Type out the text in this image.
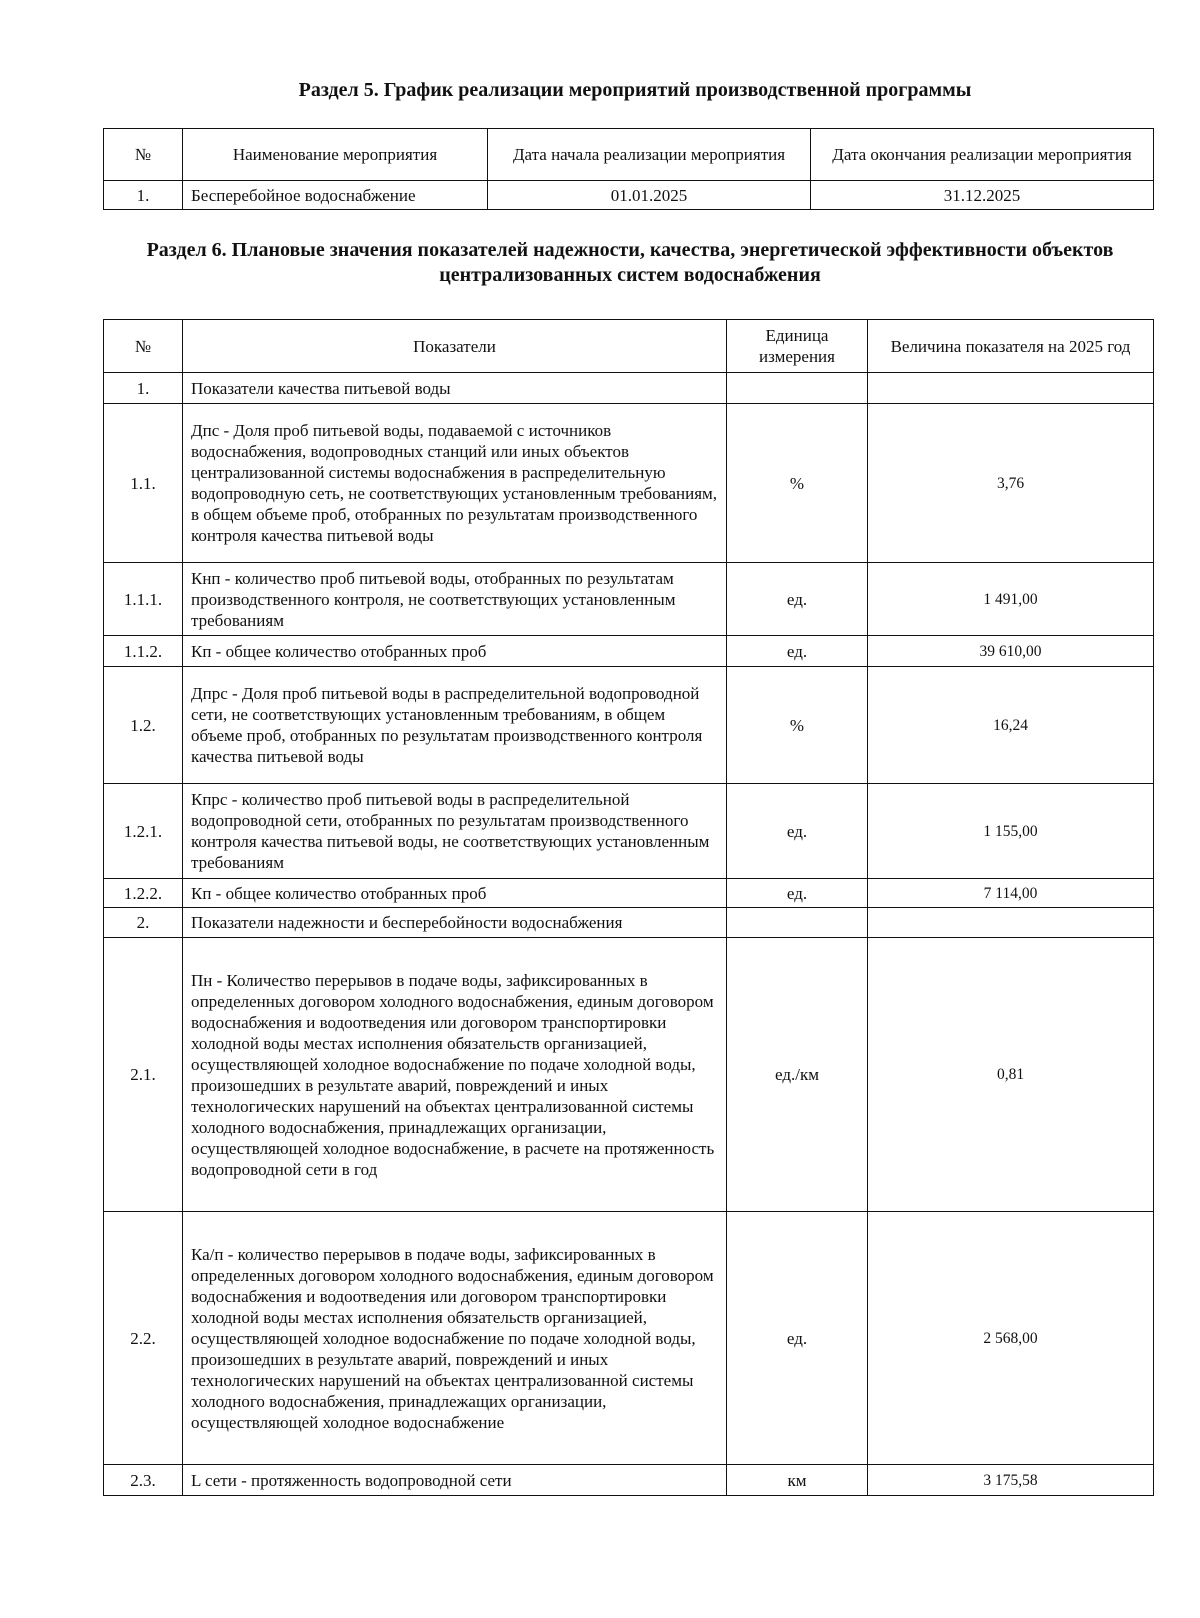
Раздел 5. График реализации мероприятий производственной программы
№	Наименование мероприятия	Дата начала реализации мероприятия	Дата окончания реализации мероприятия
1.	Бесперебойное водоснабжение	01.01.2025	31.12.2025
Раздел 6. Плановые значения показателей надежности, качества, энергетической эффективности объектов централизованных систем водоснабжения
№	Показатели	Единица измерения	Величина показателя на 2025 год
1.	Показатели качества питьевой воды		
1.1.	Дпс - Доля проб питьевой воды, подаваемой с источников водоснабжения, водопроводных станций или иных объектов централизованной системы водоснабжения в распределительную водопроводную сеть, не соответствующих установленным требованиям, в общем объеме проб, отобранных по результатам производственного контроля качества питьевой воды	%	3,76
1.1.1.	Кнп - количество проб питьевой воды, отобранных по результатам производственного контроля, не соответствующих установленным требованиям	ед.	1 491,00
1.1.2.	Кп - общее количество отобранных проб	ед.	39 610,00
1.2.	Дпрс - Доля проб питьевой воды в распределительной водопроводной сети, не соответствующих установленным требованиям, в общем объеме проб, отобранных по результатам производственного контроля качества питьевой воды	%	16,24
1.2.1.	Кпрс - количество проб питьевой воды в распределительной водопроводной сети, отобранных по результатам производственного контроля качества питьевой воды, не соответствующих установленным требованиям	ед.	1 155,00
1.2.2.	Кп - общее количество отобранных проб	ед.	7 114,00
2.	Показатели надежности и бесперебойности водоснабжения		
2.1.	Пн - Количество перерывов в подаче воды, зафиксированных в определенных договором холодного водоснабжения, единым договором водоснабжения и водоотведения или договором транспортировки холодной воды местах исполнения обязательств организацией, осуществляющей холодное водоснабжение по подаче холодной воды, произошедших в результате аварий, повреждений и иных технологических нарушений на объектах централизованной системы холодного водоснабжения, принадлежащих организации, осуществляющей холодное водоснабжение, в расчете на протяженность водопроводной сети в год	ед./км	0,81
2.2.	Ка/п - количество перерывов в подаче воды, зафиксированных в определенных договором холодного водоснабжения, единым договором водоснабжения и водоотведения или договором транспортировки холодной воды местах исполнения обязательств организацией, осуществляющей холодное водоснабжение по подаче холодной воды, произошедших в результате аварий, повреждений и иных технологических нарушений на объектах централизованной системы холодного водоснабжения, принадлежащих организации, осуществляющей холодное водоснабжение	ед.	2 568,00
2.3.	L сети - протяженность водопроводной сети	км	3 175,58
